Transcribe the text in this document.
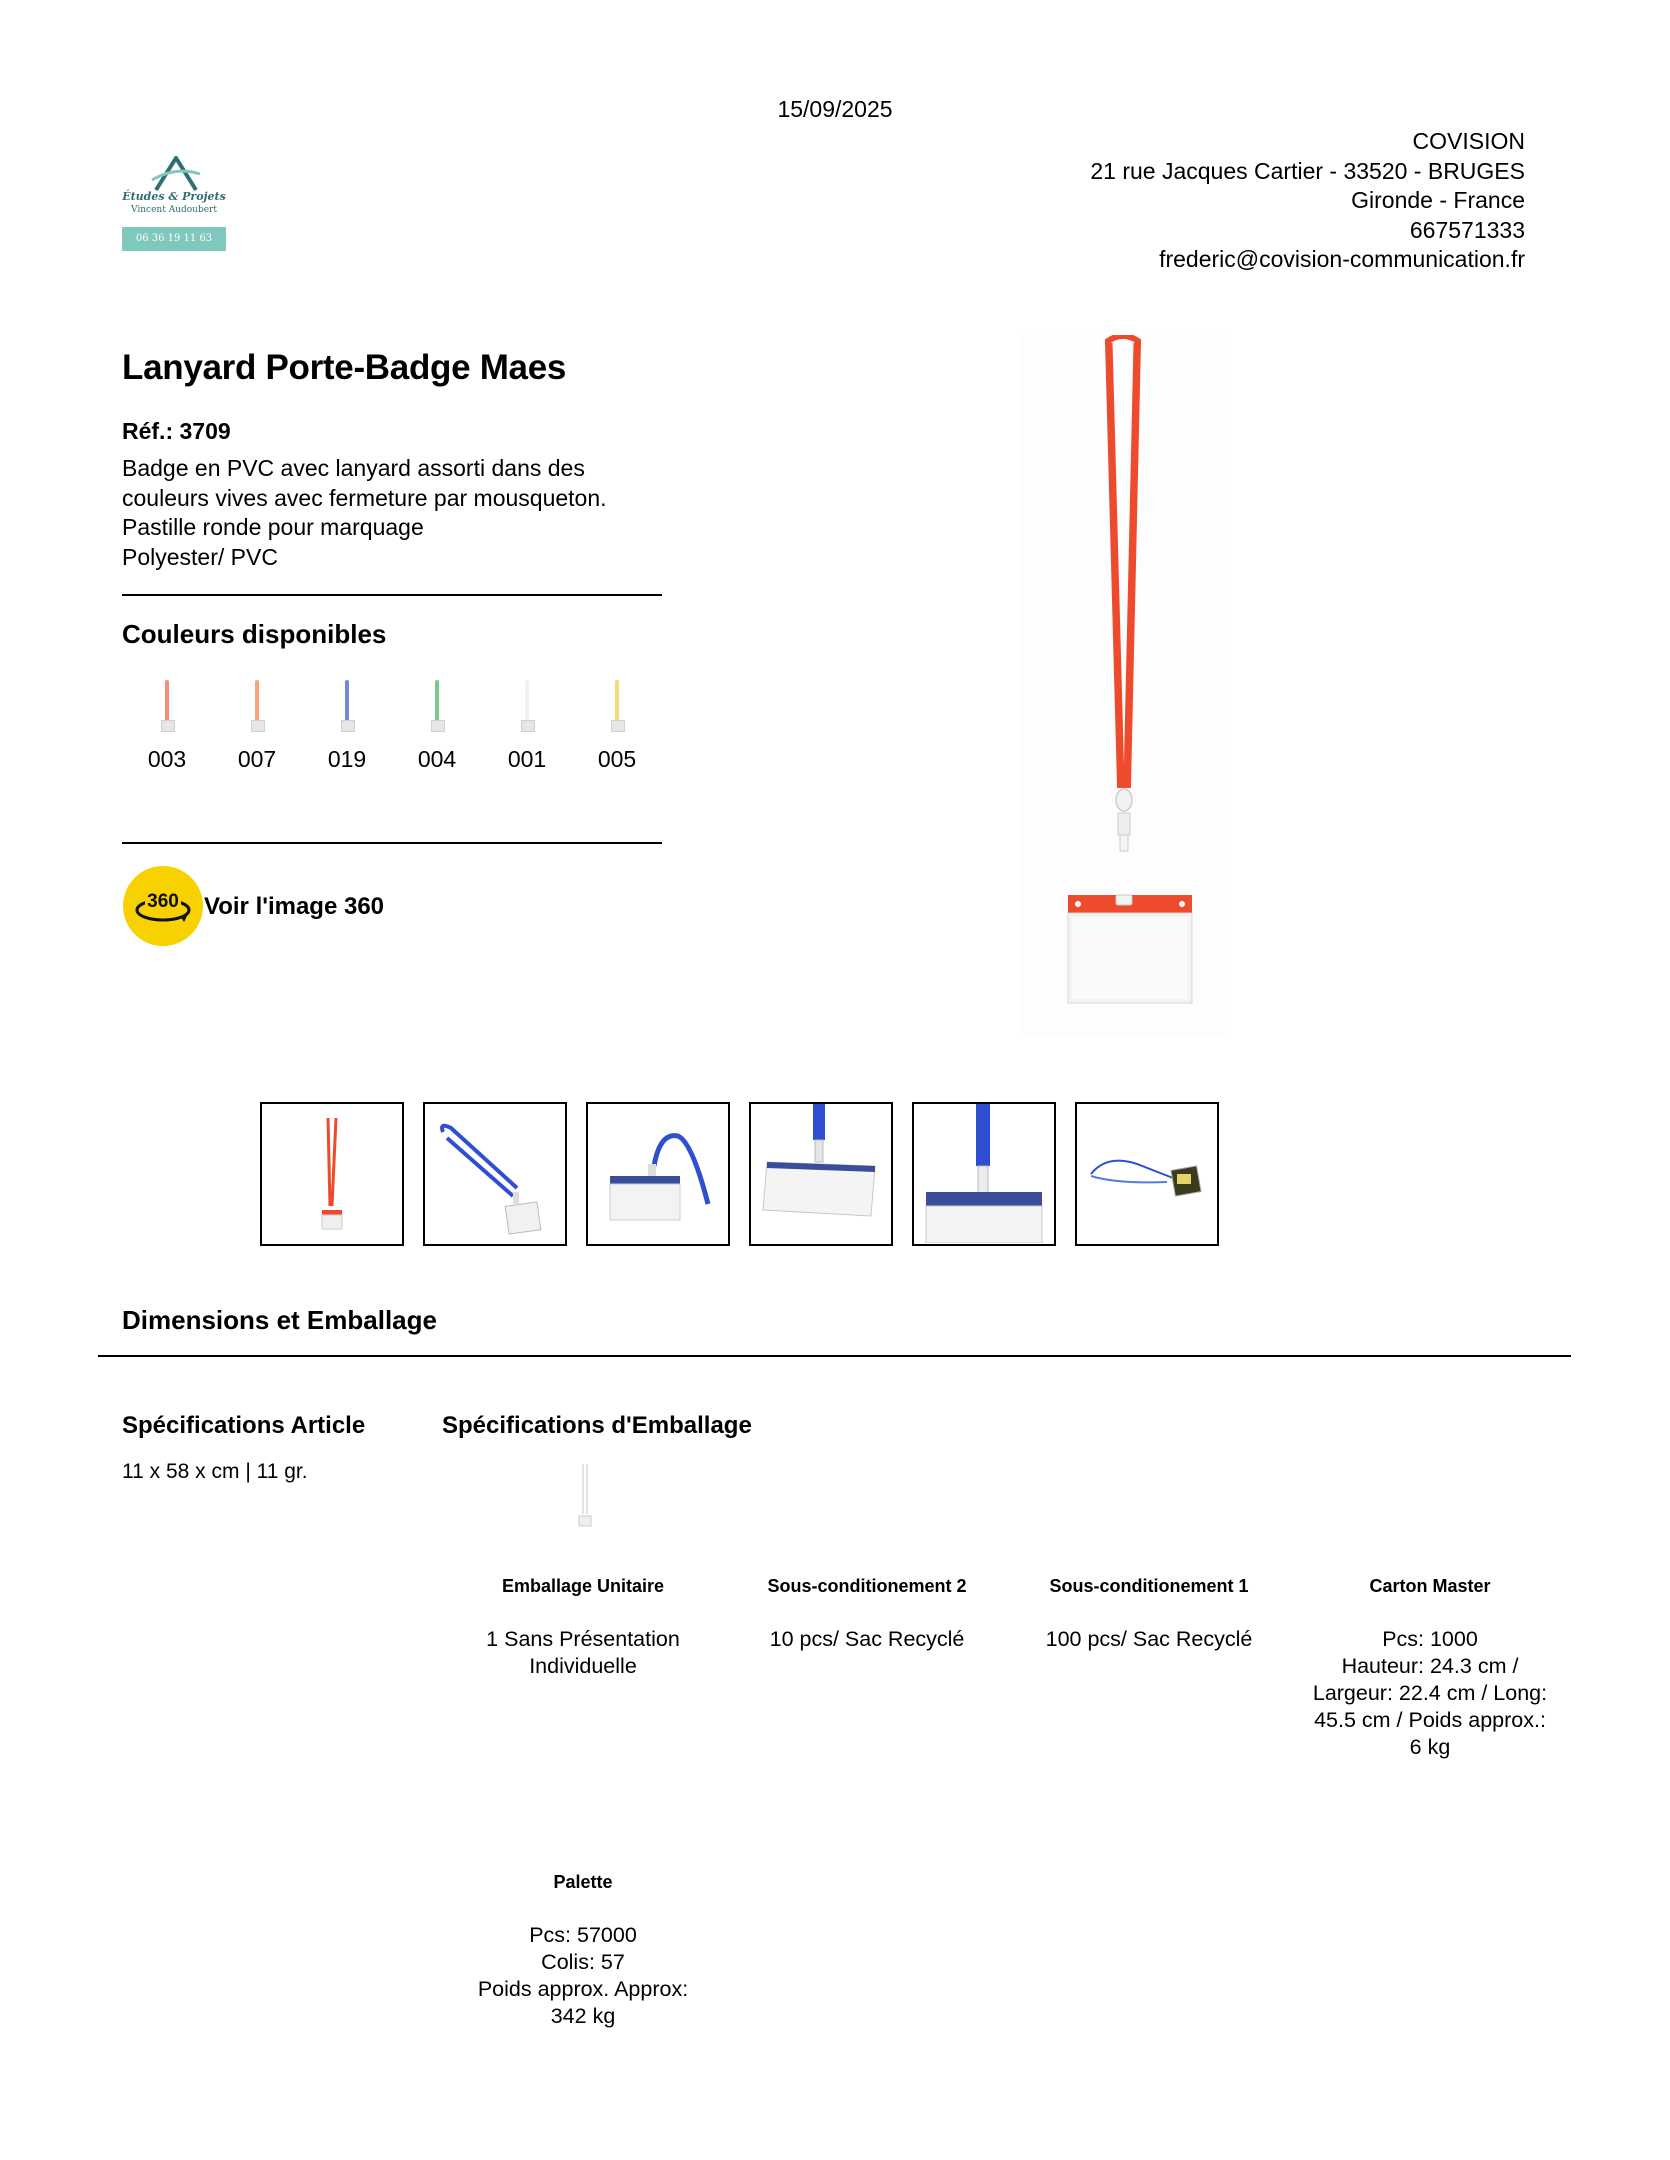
15/09/2025
Études & Projets
Vincent Audoubert
06 36 19 11 63
COVISION
21 rue Jacques Cartier - 33520 - BRUGES
Gironde - France
667571333
frederic@covision-communication.fr
Lanyard Porte-Badge Maes
Réf.: 3709
Badge en PVC avec lanyard assorti dans des
couleurs vives avec fermeture par mousqueton.
Pastille ronde pour marquage
Polyester/ PVC
Couleurs disponibles
003 007 019 004 001 005
360 Voir l'image 360
Dimensions et Emballage
Spécifications Article
11 x 58 x cm | 11 gr.
Spécifications d'Emballage
Emballage Unitaire
1 Sans Présentation
Individuelle
Sous-conditionement 2
10 pcs/ Sac Recyclé
Sous-conditionement 1
100 pcs/ Sac Recyclé
Carton Master
Pcs: 1000
Hauteur: 24.3 cm /
Largeur: 22.4 cm / Long:
45.5 cm / Poids approx.:
6 kg
Palette
Pcs: 57000
Colis: 57
Poids approx. Approx:
342 kg
